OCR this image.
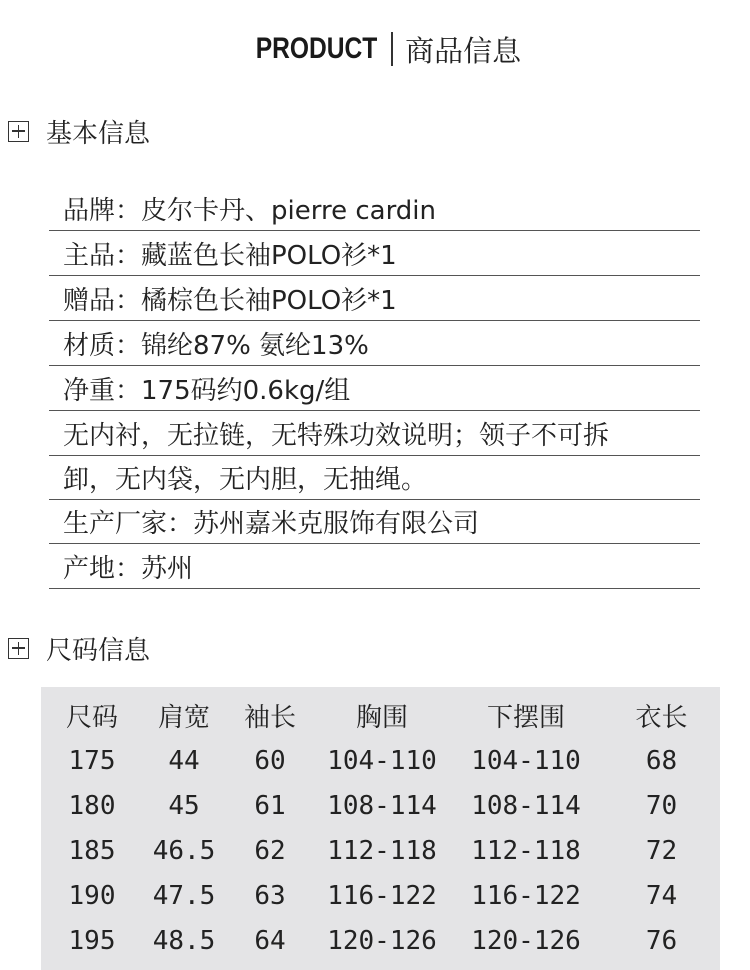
PRODUCT 商品信息
基本信息
品牌：皮尔卡丹、pierre cardin
主品：藏蓝色长袖POLO衫*1
赠品：橘棕色长袖POLO衫*1
材质：锦纶87% 氨纶13%
净重：175码约0.6kg/组
无内衬，无拉链，无特殊功效说明；领子不可拆
卸，无内袋，无内胆，无抽绳。
生产厂家：苏州嘉米克服饰有限公司
产地：苏州
尺码信息
尺码	肩宽	袖长	胸围	下摆围	衣长
175	44	60	104-110	104-110	68
180	45	61	108-114	108-114	70
185	46.5	62	112-118	112-118	72
190	47.5	63	116-122	116-122	74
195	48.5	64	120-126	120-126	76
